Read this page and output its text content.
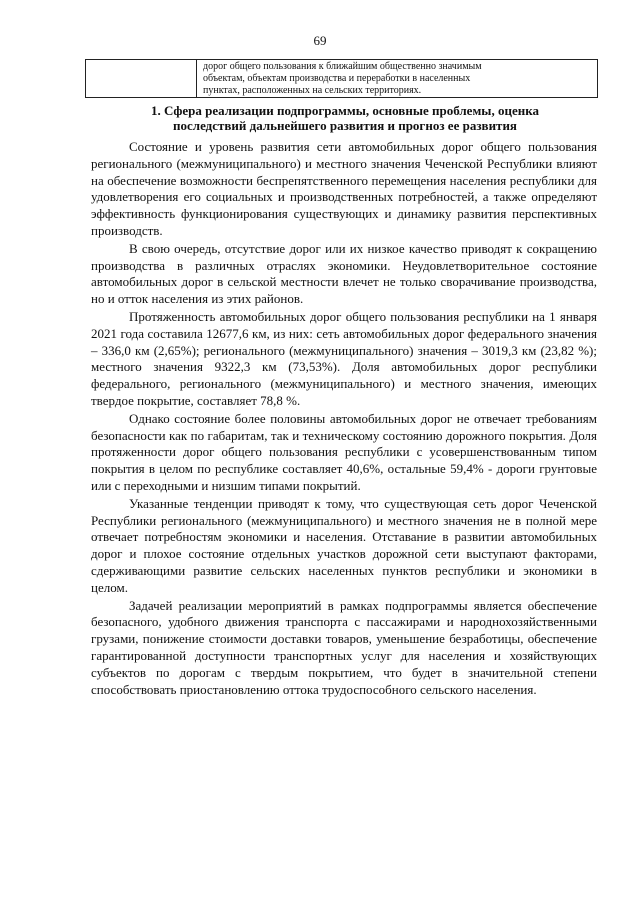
69

дорог общего пользования к ближайшим общественно значимым
объектам, объектам производства и переработки в населенных
пунктах, расположенных на сельских территориях.
1. Сфера реализации подпрограммы, основные проблемы, оценка
последствий дальнейшего развития и прогноз ее развития

Состояние и уровень развития сети автомобильных дорог общего пользования регионального (межмуниципального) и местного значения Чеченской Республики влияют на обеспечение возможности беспрепятственного перемещения населения республики для удовлетворения его социальных и производственных потребностей, а также определяют эффективность функционирования существующих и динамику развития перспективных производств.

В свою очередь, отсутствие дорог или их низкое качество приводят к сокращению производства в различных отраслях экономики. Неудовлетворительное состояние автомобильных дорог в сельской местности влечет не только сворачивание производства, но и отток населения из этих районов.

Протяженность автомобильных дорог общего пользования республики на 1 января 2021 года составила 12677,6 км, из них: сеть автомобильных дорог федерального значения – 336,0 км (2,65%); регионального (межмуниципального) значения – 3019,3 км (23,82 %); местного значения 9322,3 км (73,53%). Доля автомобильных дорог республики федерального, регионального (межмуниципального) и местного значения, имеющих твердое покрытие, составляет 78,8 %.

Однако состояние более половины автомобильных дорог не отвечает требованиям безопасности как по габаритам, так и техническому состоянию дорожного покрытия. Доля протяженности дорог общего пользования республики с усовершенствованным типом покрытия в целом по республике составляет 40,6%, остальные 59,4% - дороги грунтовые или с переходными и низшим типами покрытий.

Указанные тенденции приводят к тому, что существующая сеть дорог Чеченской Республики регионального (межмуниципального) и местного значения не в полной мере отвечает потребностям экономики и населения. Отставание в развитии автомобильных дорог и плохое состояние отдельных участков дорожной сети выступают факторами, сдерживающими развитие сельских населенных пунктов республики и экономики в целом.

Задачей реализации мероприятий в рамках подпрограммы является обеспечение безопасного, удобного движения транспорта с пассажирами и народнохозяйственными грузами, понижение стоимости доставки товаров, уменьшение безработицы, обеспечение гарантированной доступности транспортных услуг для населения и хозяйствующих субъектов по дорогам с твердым покрытием, что будет в значительной степени способствовать приостановлению оттока трудоспособного сельского населения.
